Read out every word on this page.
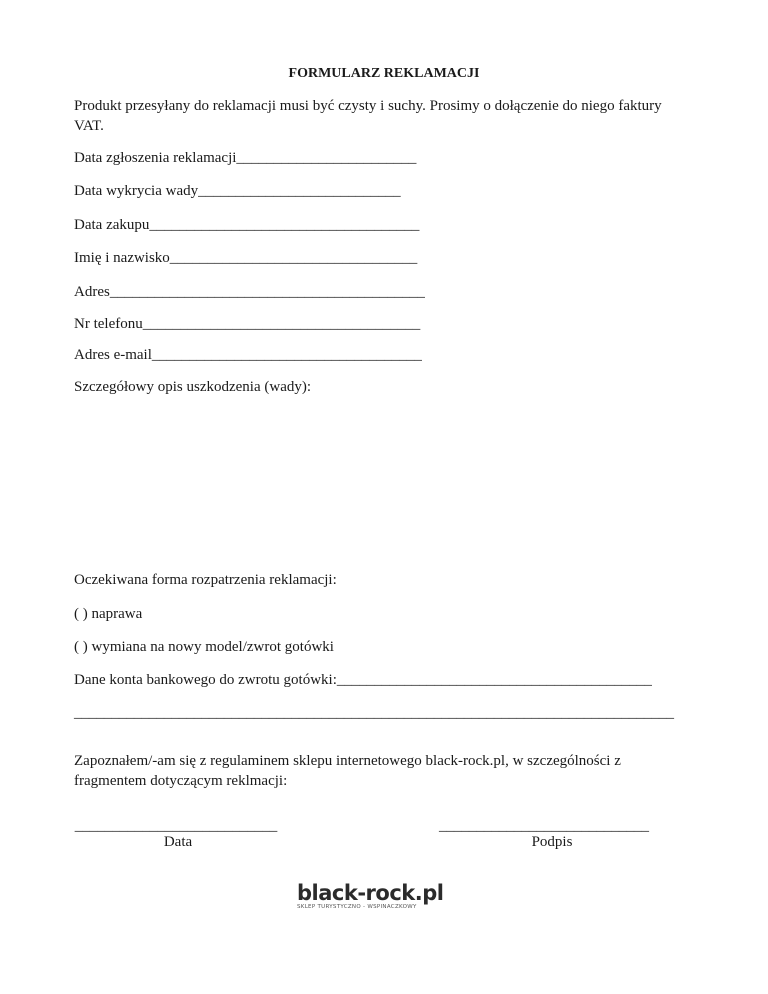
FORMULARZ REKLAMACJI
Produkt przesyłany do reklamacji musi być czysty i suchy. Prosimy o dołączenie do niego faktury VAT.
Data zgłoszenia reklamacji________________________
Data wykrycia wady___________________________
Data zakupu____________________________________
Imię i nazwisko_________________________________
Adres__________________________________________
Nr telefonu_____________________________________
Adres e-mail____________________________________
Szczegółowy opis uszkodzenia (wady):
Oczekiwana forma rozpatrzenia reklamacji:
( ) naprawa
( ) wymiana na nowy model/zwrot gotówki
Dane konta bankowego do zwrotu gotówki:__________________________________________
________________________________________________________________________________
Zapoznałem/-am się z regulaminem sklepu internetowego black-rock.pl, w szczególności z fragmentem dotyczącym reklmacji:
___________________________
Data
____________________________
Podpis
black-rock.pl
SKLEP TURYSTYCZNO - WSPINACZKOWY
